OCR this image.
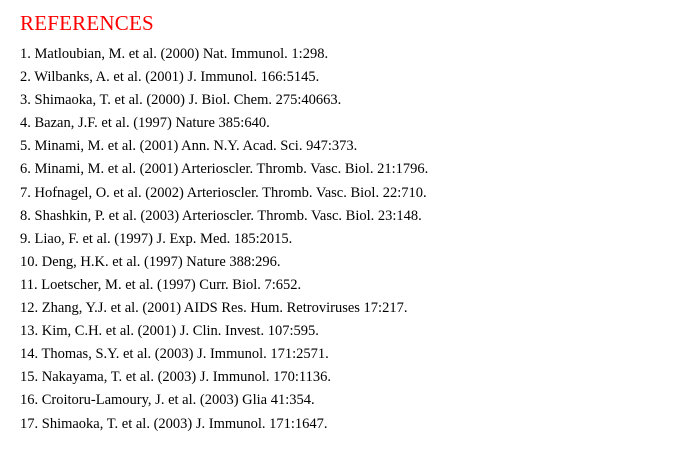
REFERENCES
1. Matloubian, M. et al. (2000) Nat. Immunol. 1:298.
2. Wilbanks, A. et al. (2001) J. Immunol. 166:5145.
3. Shimaoka, T. et al. (2000) J. Biol. Chem. 275:40663.
4. Bazan, J.F. et al. (1997) Nature 385:640.
5. Minami, M. et al. (2001) Ann. N.Y. Acad. Sci. 947:373.
6. Minami, M. et al. (2001) Arterioscler. Thromb. Vasc. Biol. 21:1796.
7. Hofnagel, O. et al. (2002) Arterioscler. Thromb. Vasc. Biol. 22:710.
8. Shashkin, P. et al. (2003) Arterioscler. Thromb. Vasc. Biol. 23:148.
9. Liao, F. et al. (1997) J. Exp. Med. 185:2015.
10. Deng, H.K. et al. (1997) Nature 388:296.
11. Loetscher, M. et al. (1997) Curr. Biol. 7:652.
12. Zhang, Y.J. et al. (2001) AIDS Res. Hum. Retroviruses 17:217.
13. Kim, C.H. et al. (2001) J. Clin. Invest. 107:595.
14. Thomas, S.Y. et al. (2003) J. Immunol. 171:2571.
15. Nakayama, T. et al. (2003) J. Immunol. 170:1136.
16. Croitoru-Lamoury, J. et al. (2003) Glia 41:354.
17. Shimaoka, T. et al. (2003) J. Immunol. 171:1647.
